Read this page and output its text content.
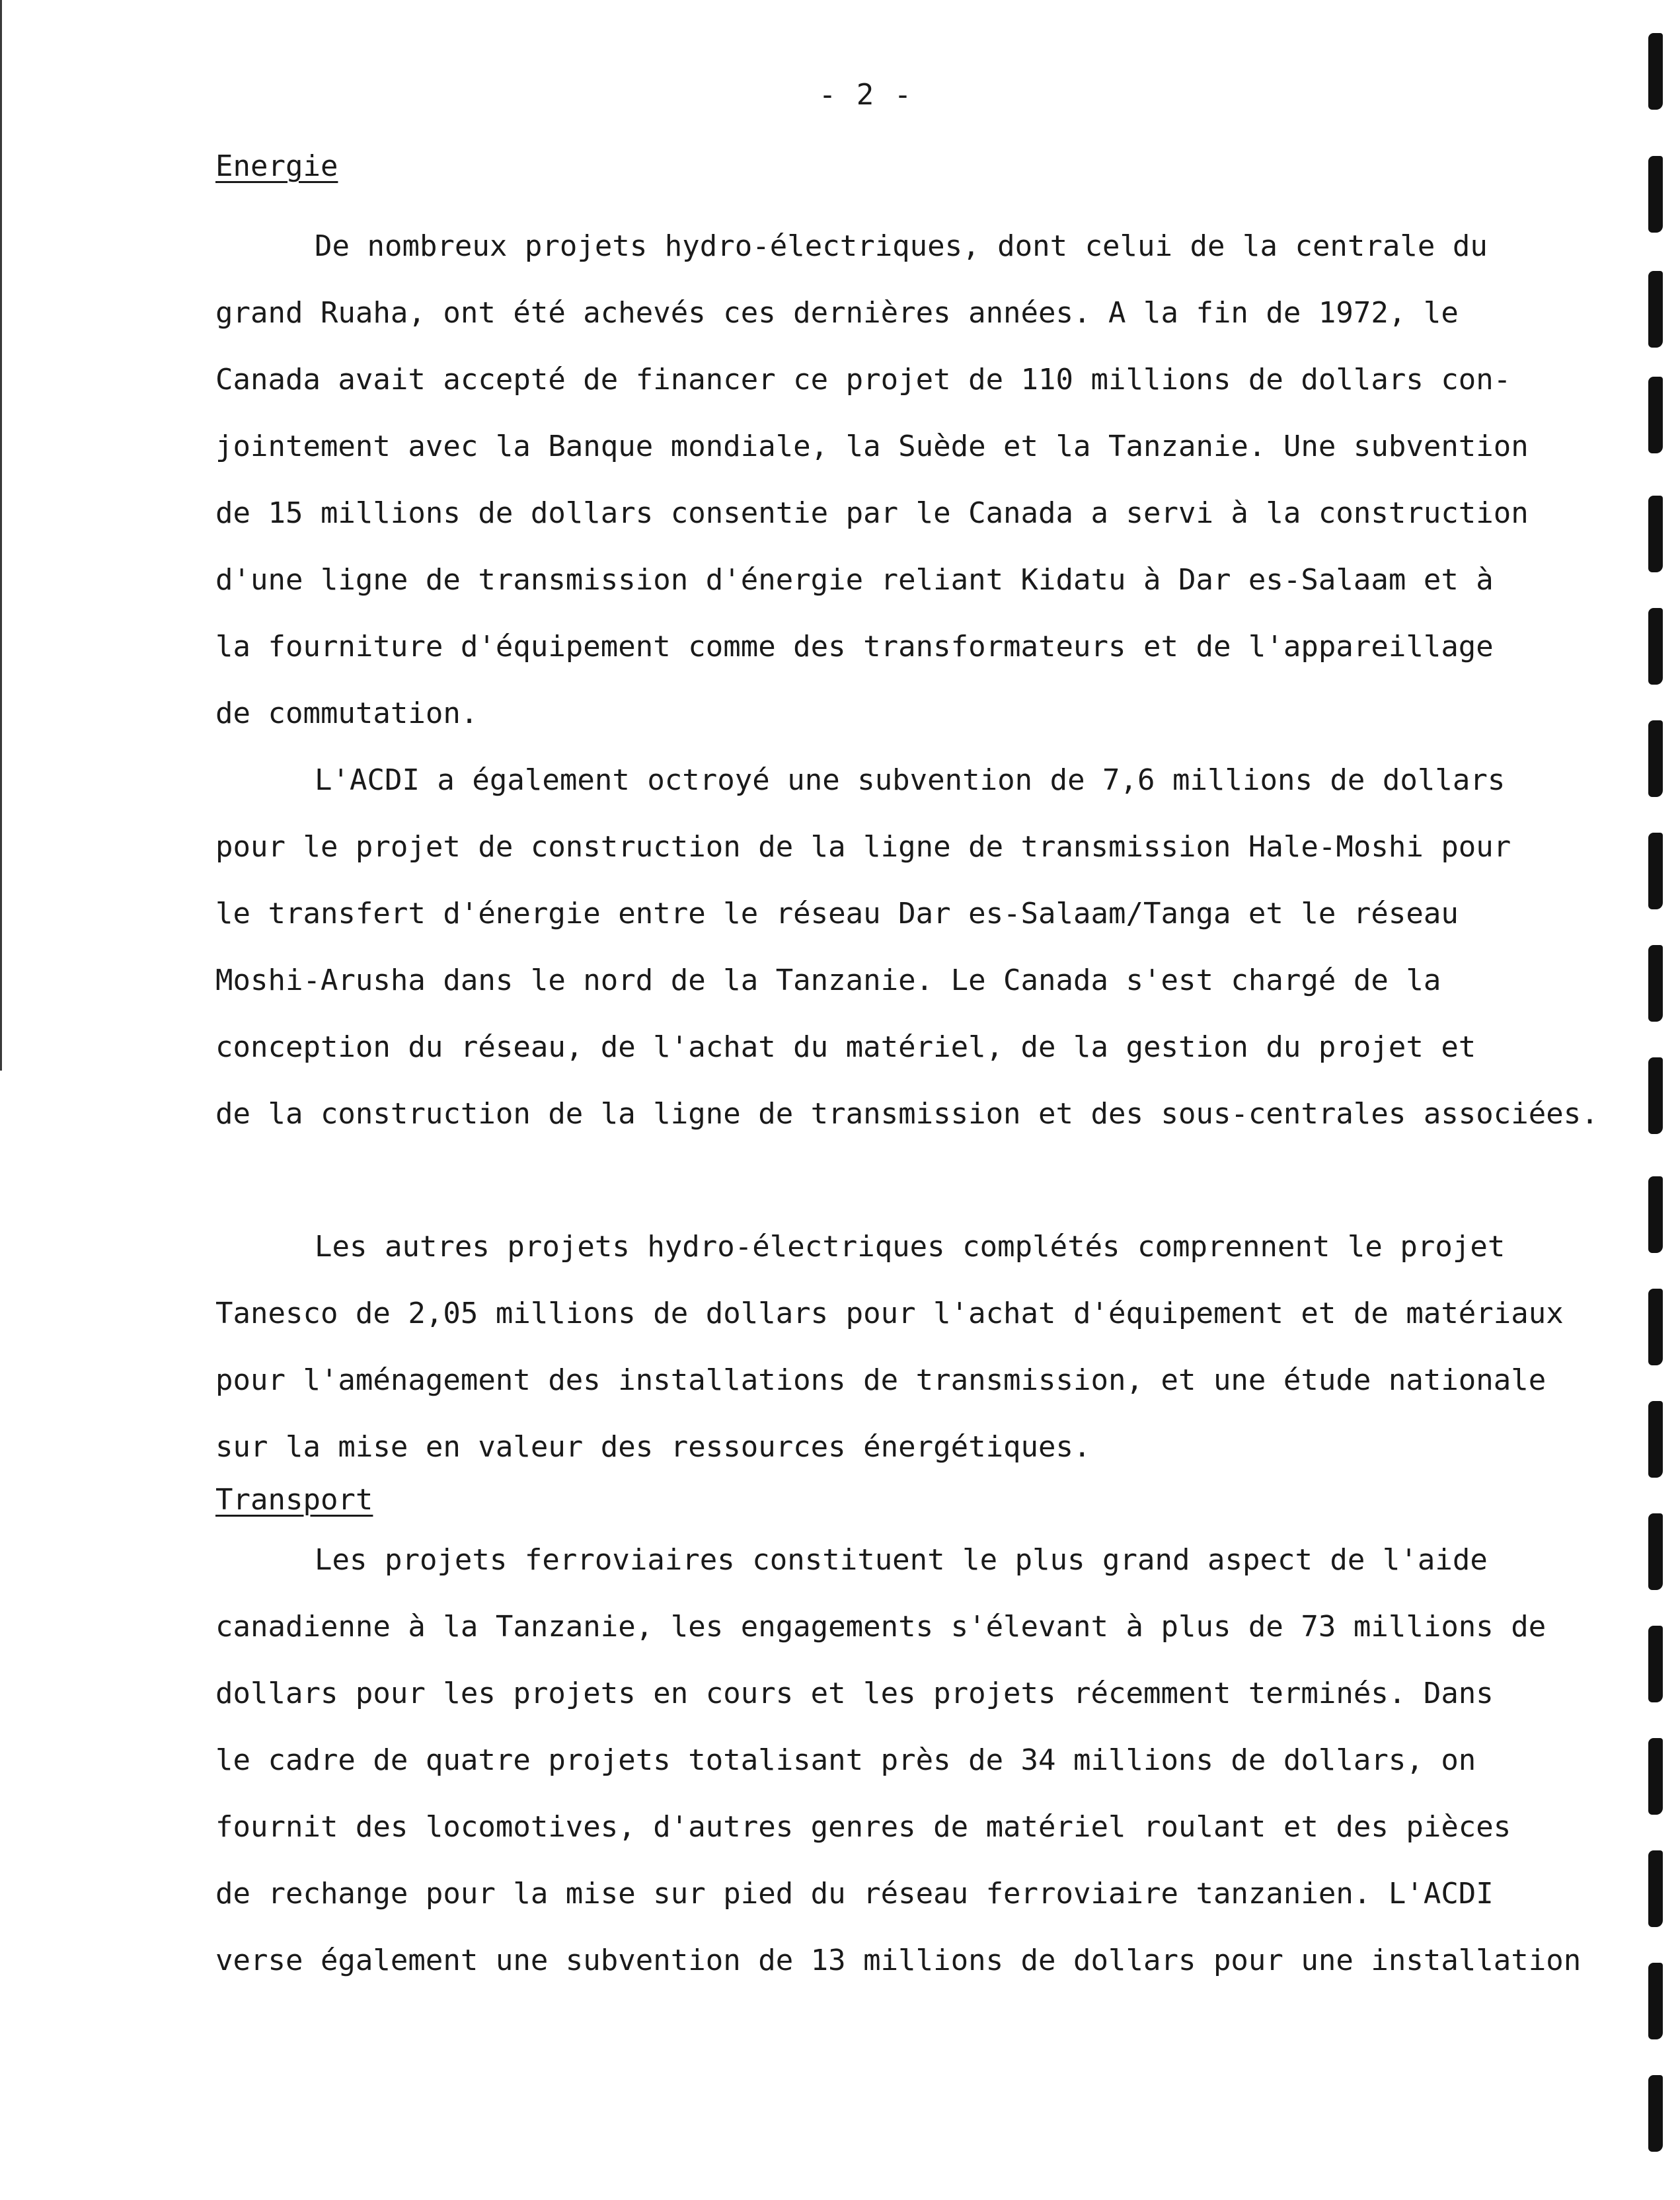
- 2 -
Energie

De nombreux projets hydro-électriques, dont celui de la centrale du
grand Ruaha, ont été achevés ces dernières années. A la fin de 1972, le
Canada avait accepté de financer ce projet de 110 millions de dollars con-
jointement avec la Banque mondiale, la Suède et la Tanzanie. Une subvention
de 15 millions de dollars consentie par le Canada a servi à la construction
d'une ligne de transmission d'énergie reliant Kidatu à Dar es-Salaam et à
la fourniture d'équipement comme des transformateurs et de l'appareillage
de commutation.

L'ACDI a également octroyé une subvention de 7,6 millions de dollars
pour le projet de construction de la ligne de transmission Hale-Moshi pour
le transfert d'énergie entre le réseau Dar es-Salaam/Tanga et le réseau
Moshi-Arusha dans le nord de la Tanzanie. Le Canada s'est chargé de la
conception du réseau, de l'achat du matériel, de la gestion du projet et
de la construction de la ligne de transmission et des sous-centrales associées.

Les autres projets hydro-électriques complétés comprennent le projet
Tanesco de 2,05 millions de dollars pour l'achat d'équipement et de matériaux
pour l'aménagement des installations de transmission, et une étude nationale
sur la mise en valeur des ressources énergétiques.

Transport

Les projets ferroviaires constituent le plus grand aspect de l'aide
canadienne à la Tanzanie, les engagements s'élevant à plus de 73 millions de
dollars pour les projets en cours et les projets récemment terminés. Dans
le cadre de quatre projets totalisant près de 34 millions de dollars, on
fournit des locomotives, d'autres genres de matériel roulant et des pièces
de rechange pour la mise sur pied du réseau ferroviaire tanzanien. L'ACDI
verse également une subvention de 13 millions de dollars pour une installation
